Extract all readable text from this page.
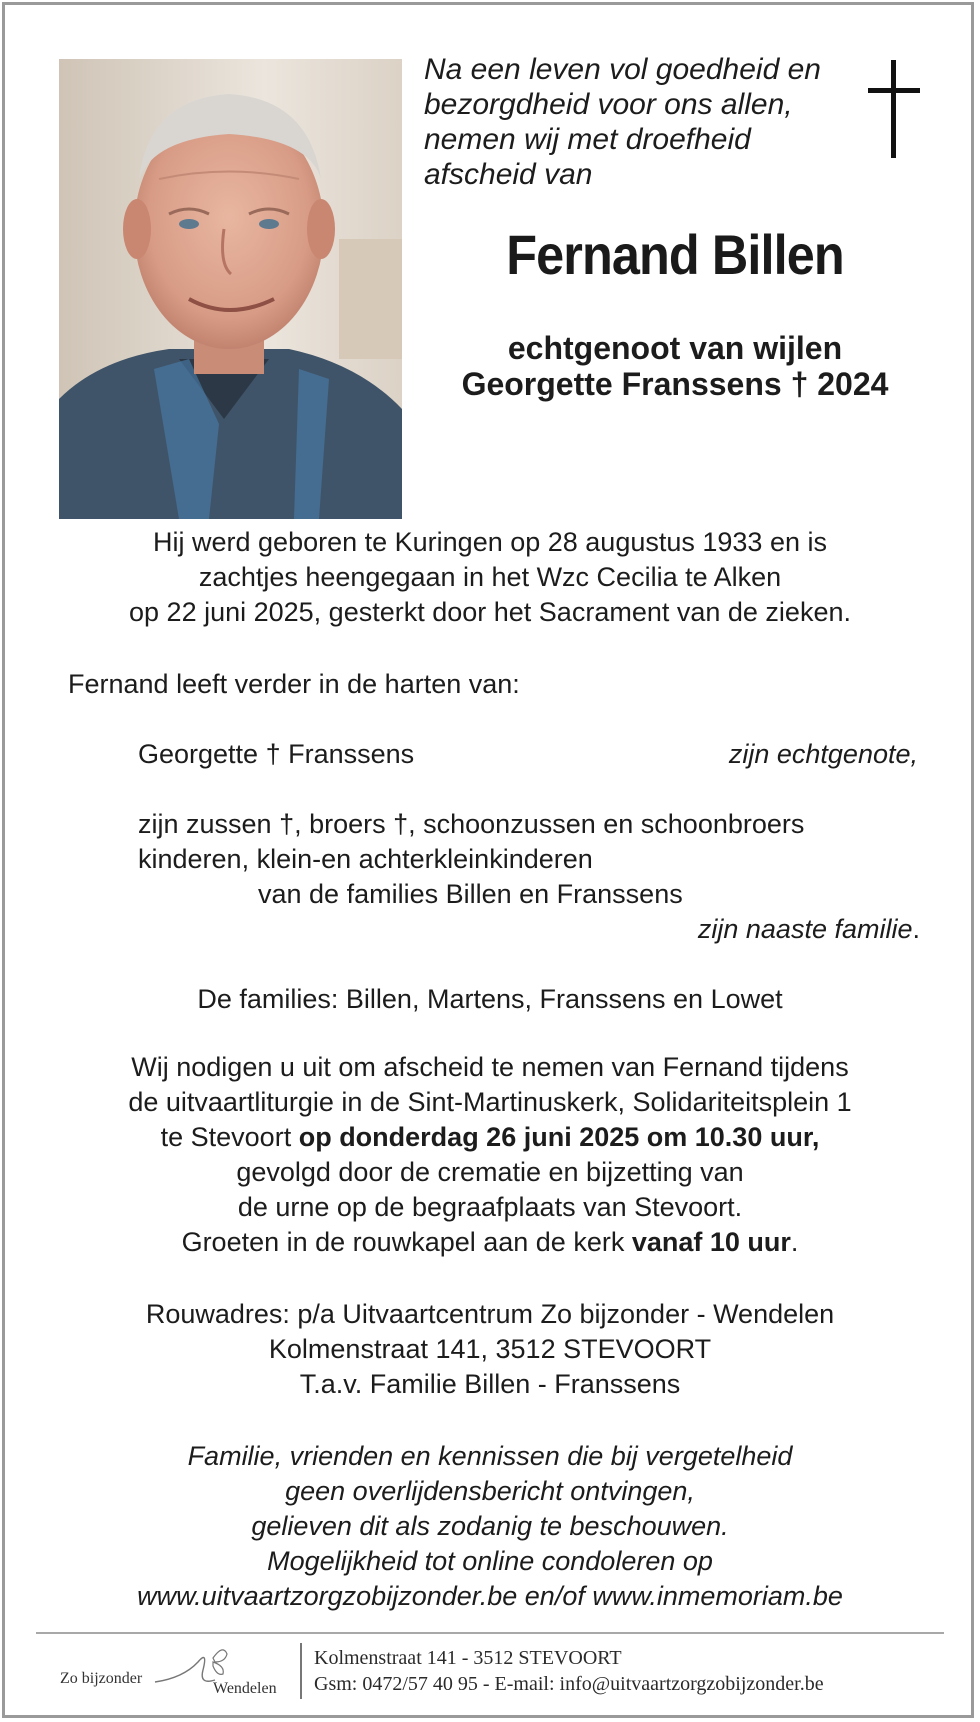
Na een leven vol goedheid en
bezorgdheid voor ons allen,
nemen wij met droefheid
afscheid van
Fernand Billen
echtgenoot van wijlen
Georgette Franssens † 2024
Hij werd geboren te Kuringen op 28 augustus 1933 en is
zachtjes heengegaan in het Wzc Cecilia te Alken
op 22 juni 2025, gesterkt door het Sacrament van de zieken.
Fernand leeft verder in de harten van:
Georgette † Franssens	zijn echtgenote,
zijn zussen †, broers †, schoonzussen en schoonbroers
kinderen, klein-en achterkleinkinderen
van de families Billen en Franssens
zijn naaste familie.
De families: Billen, Martens, Franssens en Lowet
Wij nodigen u uit om afscheid te nemen van Fernand tijdens
de uitvaartliturgie in de Sint-Martinuskerk, Solidariteitsplein 1
te Stevoort op donderdag 26 juni 2025 om 10.30 uur,
gevolgd door de crematie en bijzetting van
de urne op de begraafplaats van Stevoort.
Groeten in de rouwkapel aan de kerk vanaf 10 uur.
Rouwadres: p/a Uitvaartcentrum Zo bijzonder - Wendelen
Kolmenstraat 141, 3512 STEVOORT
T.a.v. Familie Billen - Franssens
Familie, vrienden en kennissen die bij vergetelheid
geen overlijdensbericht ontvingen,
gelieven dit als zodanig te beschouwen.
Mogelijkheid tot online condoleren op
www.uitvaartzorgzobijzonder.be en/of www.inmemoriam.be
Zo bijzonder
Wendelen
Kolmenstraat 141 - 3512 STEVOORT
Gsm: 0472/57 40 95 - E-mail: info@uitvaartzorgzobijzonder.be
